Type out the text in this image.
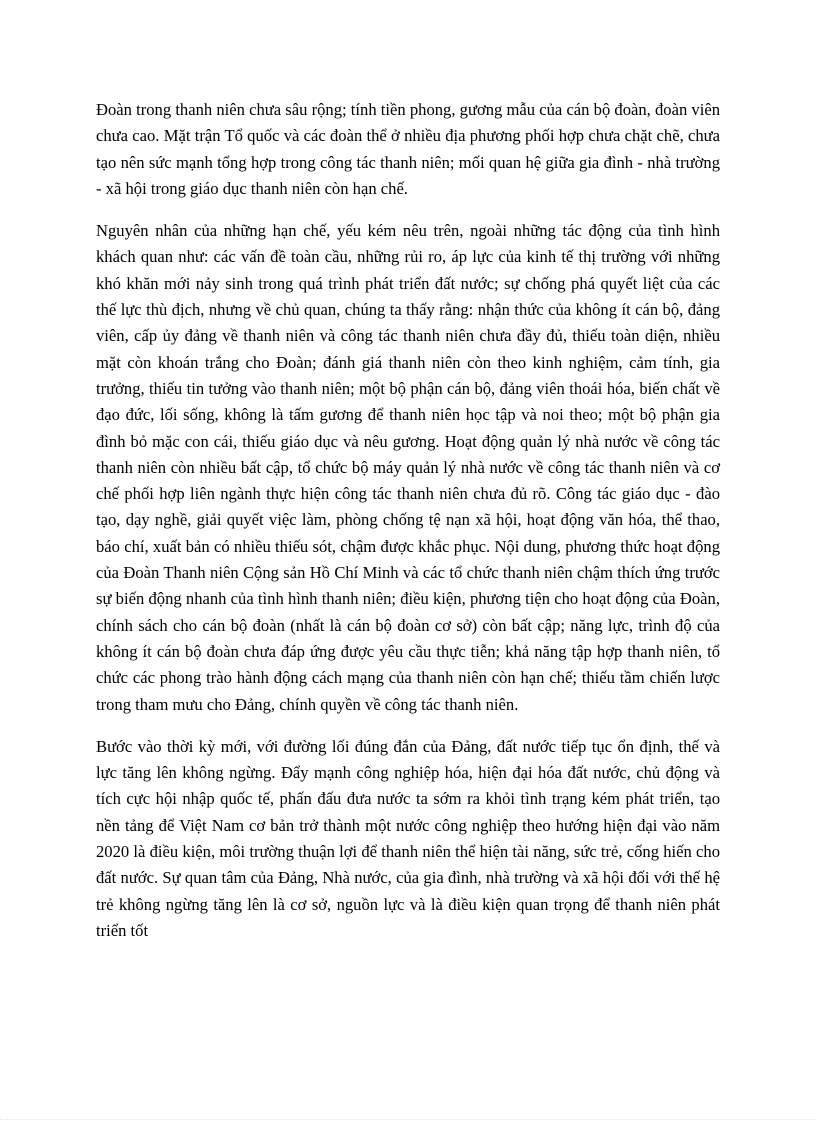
Đoàn trong thanh niên chưa sâu rộng; tính tiền phong, gương mẫu của cán bộ đoàn, đoàn viên chưa cao. Mặt trận Tổ quốc và các đoàn thể ở nhiều địa phương phối hợp chưa chặt chẽ, chưa tạo nên sức mạnh tổng hợp trong công tác thanh niên; mối quan hệ giữa gia đình - nhà trường - xã hội trong giáo dục thanh niên còn hạn chế.

Nguyên nhân của những hạn chế, yếu kém nêu trên, ngoài những tác động của tình hình khách quan như: các vấn đề toàn cầu, những rủi ro, áp lực của kinh tế thị trường với những khó khăn mới nảy sinh trong quá trình phát triển đất nước; sự chống phá quyết liệt của các thế lực thù địch, nhưng về chủ quan, chúng ta thấy rằng: nhận thức của không ít cán bộ, đảng viên, cấp ủy đảng về thanh niên và công tác thanh niên chưa đầy đủ, thiếu toàn diện, nhiều mặt còn khoán trắng cho Đoàn; đánh giá thanh niên còn theo kinh nghiệm, cảm tính, gia trưởng, thiếu tin tưởng vào thanh niên; một bộ phận cán bộ, đảng viên thoái hóa, biến chất về đạo đức, lối sống, không là tấm gương để thanh niên học tập và noi theo; một bộ phận gia đình bỏ mặc con cái, thiếu giáo dục và nêu gương. Hoạt động quản lý nhà nước về công tác thanh niên còn nhiều bất cập, tổ chức bộ máy quản lý nhà nước về công tác thanh niên và cơ chế phối hợp liên ngành thực hiện công tác thanh niên chưa đủ rõ. Công tác giáo dục - đào tạo, dạy nghề, giải quyết việc làm, phòng chống tệ nạn xã hội, hoạt động văn hóa, thể thao, báo chí, xuất bản có nhiều thiếu sót, chậm được khắc phục. Nội dung, phương thức hoạt động của Đoàn Thanh niên Cộng sản Hồ Chí Minh và các tổ chức thanh niên chậm thích ứng trước sự biến động nhanh của tình hình thanh niên; điều kiện, phương tiện cho hoạt động của Đoàn, chính sách cho cán bộ đoàn (nhất là cán bộ đoàn cơ sở) còn bất cập; năng lực, trình độ của không ít cán bộ đoàn chưa đáp ứng được yêu cầu thực tiễn; khả năng tập hợp thanh niên, tổ chức các phong trào hành động cách mạng của thanh niên còn hạn chế; thiếu tầm chiến lược trong tham mưu cho Đảng, chính quyền về công tác thanh niên.

Bước vào thời kỳ mới, với đường lối đúng đắn của Đảng, đất nước tiếp tục ổn định, thế và lực tăng lên không ngừng. Đẩy mạnh công nghiệp hóa, hiện đại hóa đất nước, chủ động và tích cực hội nhập quốc tế, phấn đấu đưa nước ta sớm ra khỏi tình trạng kém phát triển, tạo nền tảng để Việt Nam cơ bản trở thành một nước công nghiệp theo hướng hiện đại vào năm 2020 là điều kiện, môi trường thuận lợi để thanh niên thể hiện tài năng, sức trẻ, cống hiến cho đất nước. Sự quan tâm của Đảng, Nhà nước, của gia đình, nhà trường và xã hội đối với thế hệ trẻ không ngừng tăng lên là cơ sở, nguồn lực và là điều kiện quan trọng để thanh niên phát triển tốt
